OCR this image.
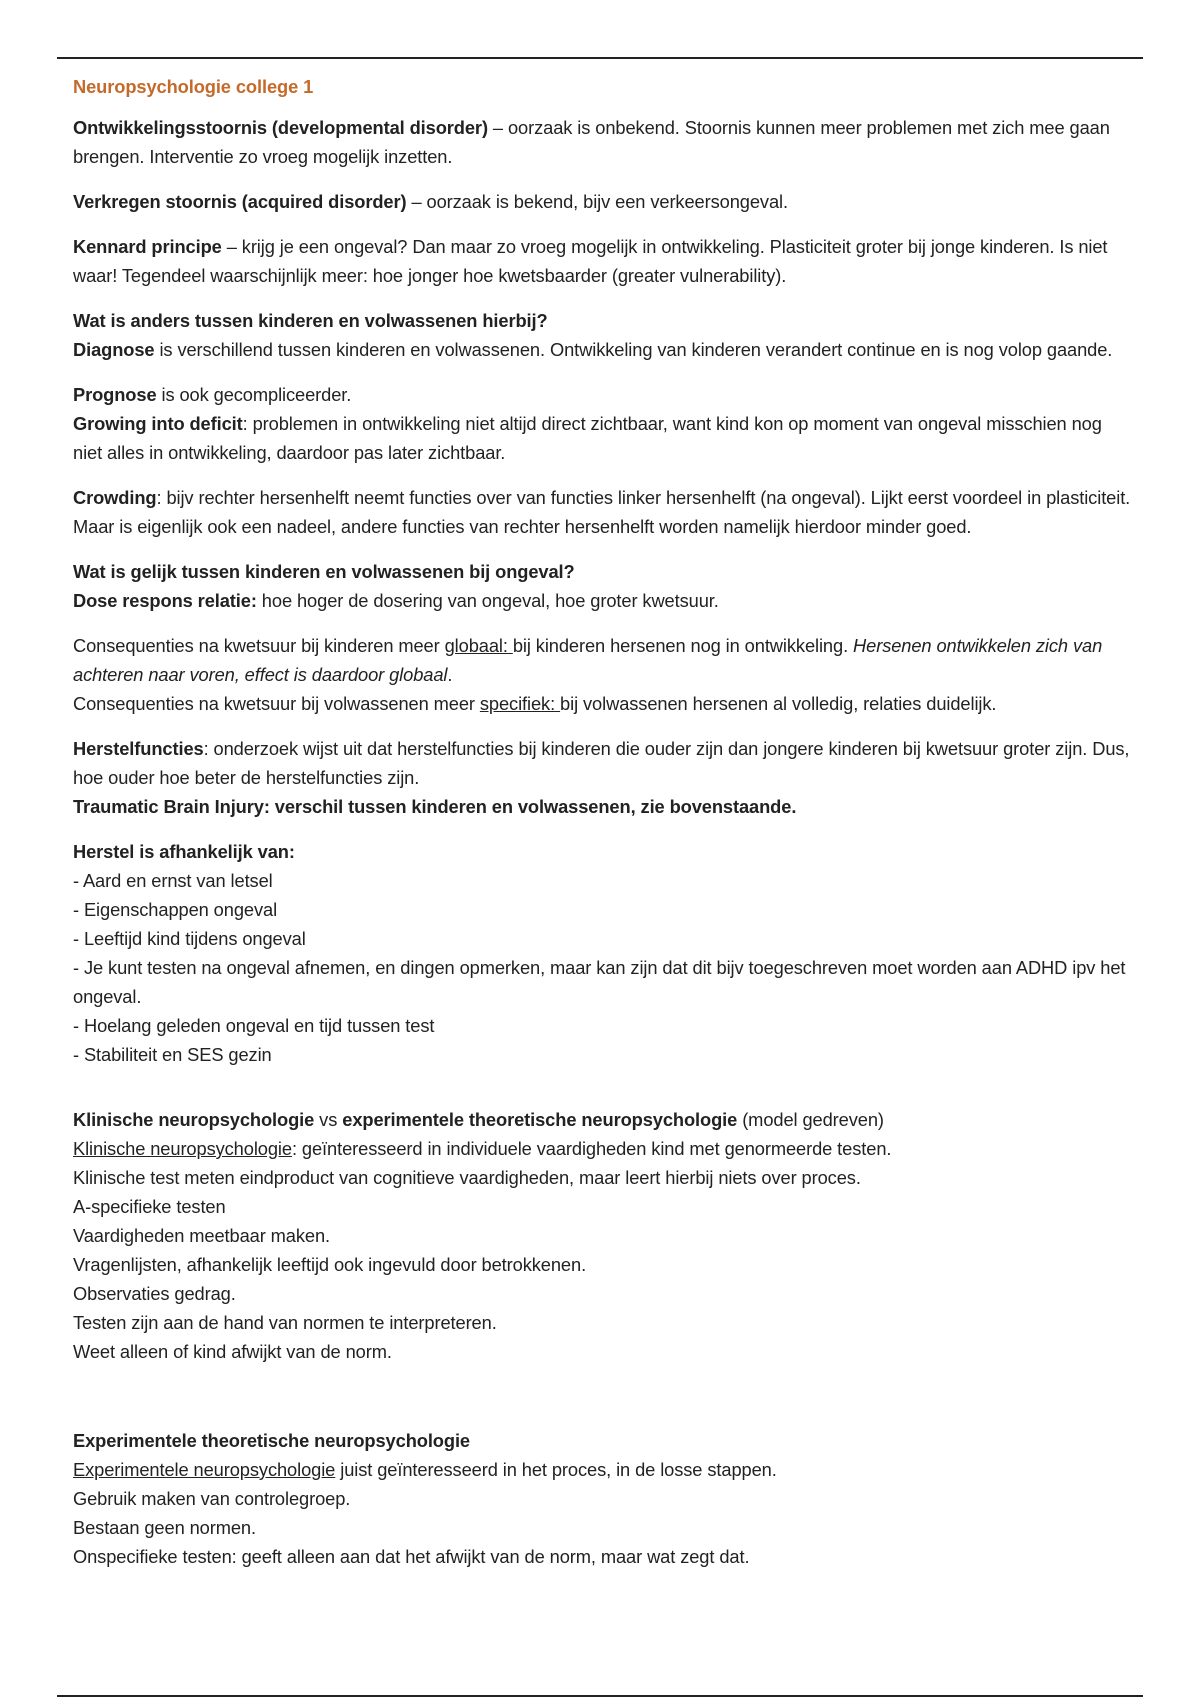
Neuropsychologie college 1

Ontwikkelingsstoornis (developmental disorder) – oorzaak is onbekend. Stoornis kunnen meer problemen met zich mee gaan brengen. Interventie zo vroeg mogelijk inzetten.

Verkregen stoornis (acquired disorder) – oorzaak is bekend, bijv een verkeersongeval.

Kennard principe – krijg je een ongeval? Dan maar zo vroeg mogelijk in ontwikkeling. Plasticiteit groter bij jonge kinderen. Is niet waar! Tegendeel waarschijnlijk meer: hoe jonger hoe kwetsbaarder (greater vulnerability).

Wat is anders tussen kinderen en volwassenen hierbij?
Diagnose is verschillend tussen kinderen en volwassenen. Ontwikkeling van kinderen verandert continue en is nog volop gaande.

Prognose is ook gecompliceerder.
Growing into deficit: problemen in ontwikkeling niet altijd direct zichtbaar, want kind kon op moment van ongeval misschien nog niet alles in ontwikkeling, daardoor pas later zichtbaar.

Crowding: bijv rechter hersenhelft neemt functies over van functies linker hersenhelft (na ongeval). Lijkt eerst voordeel in plasticiteit. Maar is eigenlijk ook een nadeel, andere functies van rechter hersenhelft worden namelijk hierdoor minder goed.

Wat is gelijk tussen kinderen en volwassenen bij ongeval?
Dose respons relatie: hoe hoger de dosering van ongeval, hoe groter kwetsuur.

Consequenties na kwetsuur bij kinderen meer globaal: bij kinderen hersenen nog in ontwikkeling. Hersenen ontwikkelen zich van achteren naar voren, effect is daardoor globaal.
Consequenties na kwetsuur bij volwassenen meer specifiek: bij volwassenen hersenen al volledig, relaties duidelijk.

Herstelfuncties: onderzoek wijst uit dat herstelfuncties bij kinderen die ouder zijn dan jongere kinderen bij kwetsuur groter zijn. Dus, hoe ouder hoe beter de herstelfuncties zijn.
Traumatic Brain Injury: verschil tussen kinderen en volwassenen, zie bovenstaande.

Herstel is afhankelijk van:
- Aard en ernst van letsel
- Eigenschappen ongeval
- Leeftijd kind tijdens ongeval
- Je kunt testen na ongeval afnemen, en dingen opmerken, maar kan zijn dat dit bijv toegeschreven moet worden aan ADHD ipv het ongeval.
- Hoelang geleden ongeval en tijd tussen test
- Stabiliteit en SES gezin

Klinische neuropsychologie vs experimentele theoretische neuropsychologie (model gedreven)
Klinische neuropsychologie: geïnteresseerd in individuele vaardigheden kind met genormeerde testen.
Klinische test meten eindproduct van cognitieve vaardigheden, maar leert hierbij niets over proces.
A-specifieke testen
Vaardigheden meetbaar maken.
Vragenlijsten, afhankelijk leeftijd ook ingevuld door betrokkenen.
Observaties gedrag.
Testen zijn aan de hand van normen te interpreteren.
Weet alleen of kind afwijkt van de norm.

Experimentele theoretische neuropsychologie
Experimentele neuropsychologie juist geïnteresseerd in het proces, in de losse stappen.
Gebruik maken van controlegroep.
Bestaan geen normen.
Onspecifieke testen: geeft alleen aan dat het afwijkt van de norm, maar wat zegt dat.
